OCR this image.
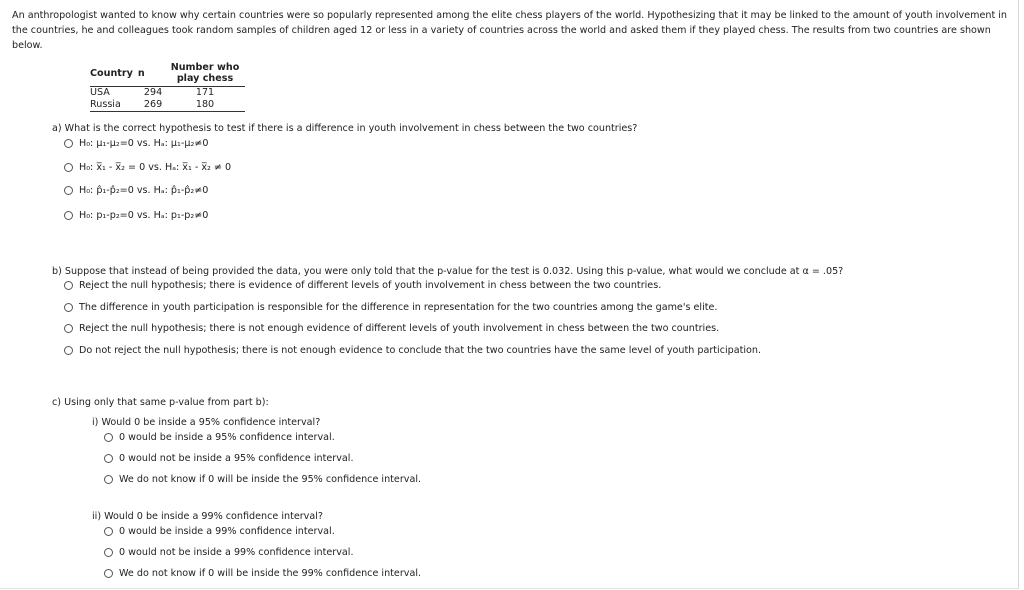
An anthropologist wanted to know why certain countries were so popularly represented among the elite chess players of the world. Hypothesizing that it may be linked to the amount of youth involvement in the countries, he and colleagues took random samples of children aged 12 or less in a variety of countries across the world and asked them if they played chess. The results from two countries are shown below.
Country	n	Number who play chess
USA	294	171
Russia	269	180
a) What is the correct hypothesis to test if there is a difference in youth involvement in chess between the two countries?
H₀: μ₁-μ₂=0 vs. Hₐ: μ₁-μ₂≠0
H₀: x̅₁ - x̅₂ = 0 vs. Hₐ: x̅₁ - x̅₂ ≠ 0
H₀: p̂₁-p̂₂=0 vs. Hₐ: p̂₁-p̂₂≠0
H₀: p₁-p₂=0 vs. Hₐ: p₁-p₂≠0
b) Suppose that instead of being provided the data, you were only told that the p-value for the test is 0.032. Using this p-value, what would we conclude at α = .05?
Reject the null hypothesis; there is evidence of different levels of youth involvement in chess between the two countries.
The difference in youth participation is responsible for the difference in representation for the two countries among the game's elite.
Reject the null hypothesis; there is not enough evidence of different levels of youth involvement in chess between the two countries.
Do not reject the null hypothesis; there is not enough evidence to conclude that the two countries have the same level of youth participation.
c) Using only that same p-value from part b):
i) Would 0 be inside a 95% confidence interval?
0 would be inside a 95% confidence interval.
0 would not be inside a 95% confidence interval.
We do not know if 0 will be inside the 95% confidence interval.
ii) Would 0 be inside a 99% confidence interval?
0 would be inside a 99% confidence interval.
0 would not be inside a 99% confidence interval.
We do not know if 0 will be inside the 99% confidence interval.
